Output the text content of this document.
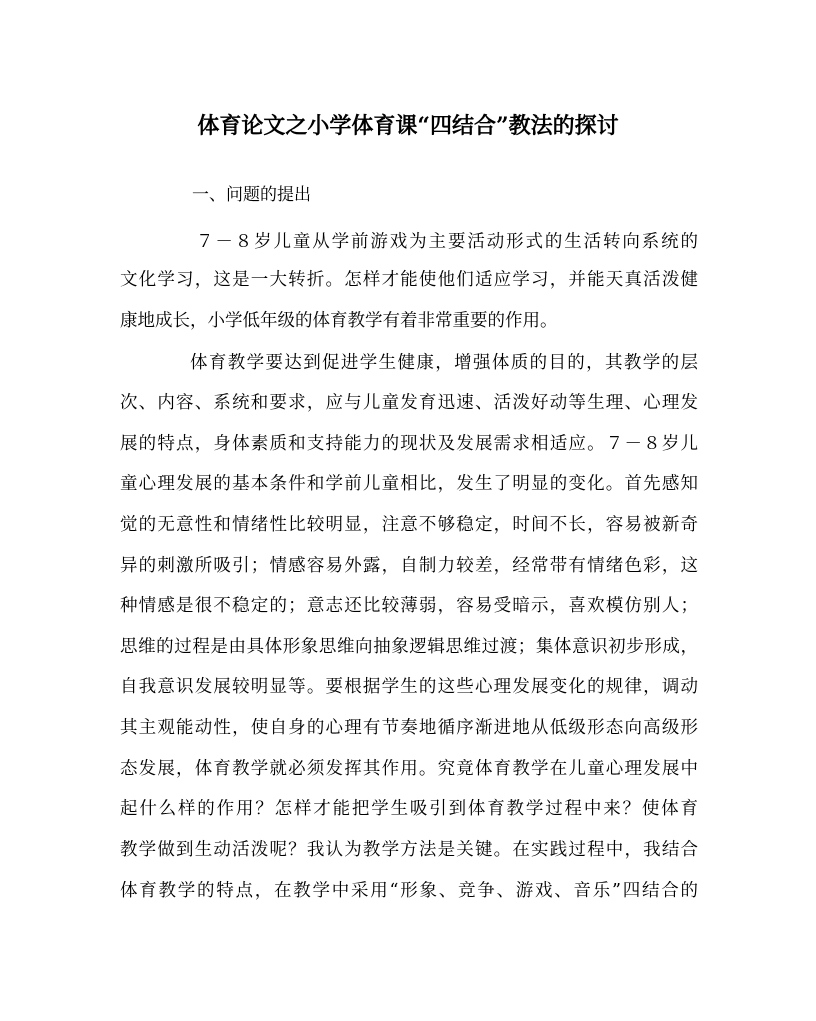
体育论文之小学体育课“四结合”教法的探讨
一、问题的提出
７－８岁儿童从学前游戏为主要活动形式的生活转向系统的
文化学习，这是一大转折。怎样才能使他们适应学习，并能天真活泼健
康地成长，小学低年级的体育教学有着非常重要的作用。
体育教学要达到促进学生健康，增强体质的目的，其教学的层
次、内容、系统和要求，应与儿童发育迅速、活泼好动等生理、心理发
展的特点，身体素质和支持能力的现状及发展需求相适应。７－８岁儿
童心理发展的基本条件和学前儿童相比，发生了明显的变化。首先感知
觉的无意性和情绪性比较明显，注意不够稳定，时间不长，容易被新奇
异的刺激所吸引；情感容易外露，自制力较差，经常带有情绪色彩，这
种情感是很不稳定的；意志还比较薄弱，容易受暗示，喜欢模仿别人；
思维的过程是由具体形象思维向抽象逻辑思维过渡；集体意识初步形成，
自我意识发展较明显等。要根据学生的这些心理发展变化的规律，调动
其主观能动性，使自身的心理有节奏地循序渐进地从低级形态向高级形
态发展，体育教学就必须发挥其作用。究竟体育教学在儿童心理发展中
起什么样的作用？怎样才能把学生吸引到体育教学过程中来？使体育
教学做到生动活泼呢？我认为教学方法是关键。在实践过程中，我结合
体育教学的特点，在教学中采用“形象、竞争、游戏、音乐”四结合的
